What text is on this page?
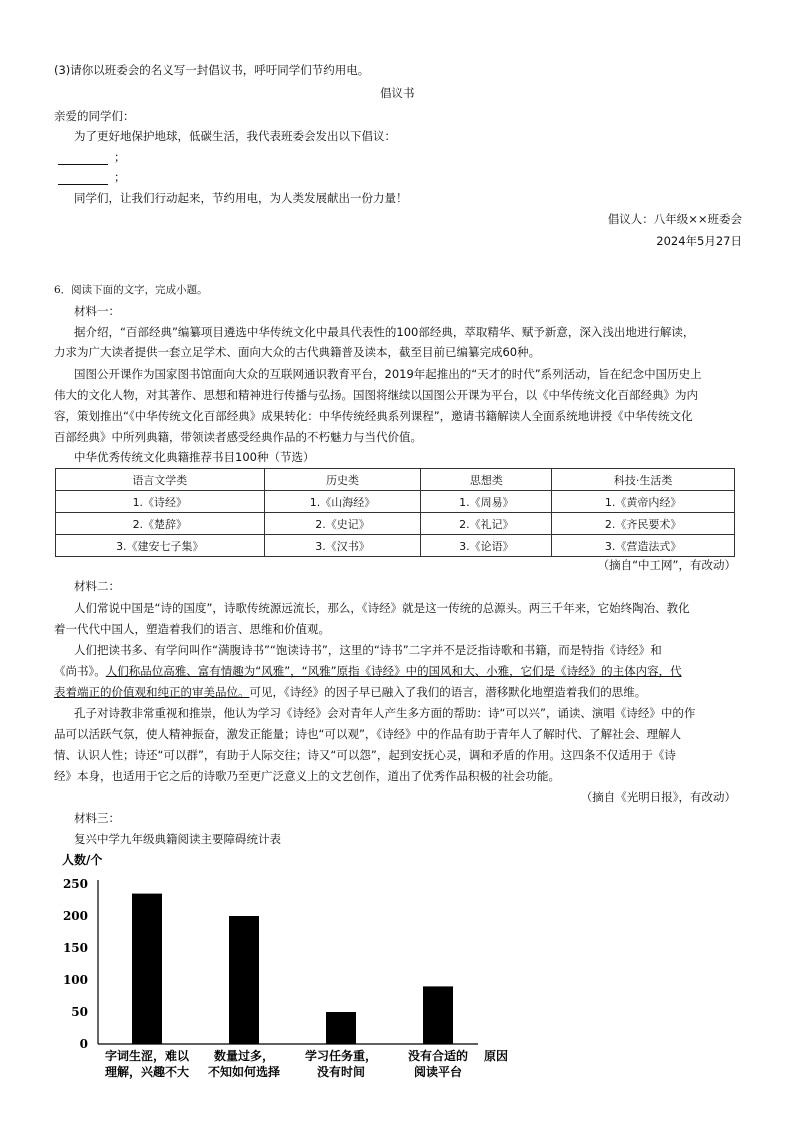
(3)请你以班委会的名义写一封倡议书，呼吁同学们节约用电。
倡议书
亲爱的同学们：
为了更好地保护地球，低碳生活，我代表班委会发出以下倡议：
；
；
同学们，让我们行动起来，节约用电，为人类发展献出一份力量！
倡议人：八年级××班委会
2024年5月27日
6．阅读下面的文字，完成小题。
材料一：
据介绍，“百部经典”编纂项目遴选中华传统文化中最具代表性的100部经典，萃取精华、赋予新意，深入浅出地进行解读，
力求为广大读者提供一套立足学术、面向大众的古代典籍普及读本，截至目前已编纂完成60种。
国图公开课作为国家图书馆面向大众的互联网通识教育平台，2019年起推出的“天才的时代”系列活动，旨在纪念中国历史上
伟大的文化人物，对其著作、思想和精神进行传播与弘扬。国图将继续以国图公开课为平台，以《中华传统文化百部经典》为内
容，策划推出“《中华传统文化百部经典》成果转化：中华传统经典系列课程”，邀请书籍解读人全面系统地讲授《中华传统文化
百部经典》中所列典籍，带领读者感受经典作品的不朽魅力与当代价值。
中华优秀传统文化典籍推荐书目100种（节选）
语言文学类	历史类	思想类	科技·生活类
1.《诗经》	1.《山海经》	1.《周易》	1.《黄帝内经》
2.《楚辞》	2.《史记》	2.《礼记》	2.《齐民要术》
3.《建安七子集》	3.《汉书》	3.《论语》	3.《营造法式》
（摘自“中工网”，有改动）
材料二：
人们常说中国是“诗的国度”，诗歌传统源远流长，那么，《诗经》就是这一传统的总源头。两三千年来，它始终陶冶、教化
着一代代中国人，塑造着我们的语言、思维和价值观。
人们把读书多、有学问叫作“满腹诗书”“饱读诗书”，这里的“诗书”二字并不是泛指诗歌和书籍，而是特指《诗经》和
《尚书》。人们称品位高雅、富有情趣为“风雅”，“风雅”原指《诗经》中的国风和大、小雅，它们是《诗经》的主体内容，代
表着端正的价值观和纯正的审美品位。可见，《诗经》的因子早已融入了我们的语言，潜移默化地塑造着我们的思维。
孔子对诗教非常重视和推崇，他认为学习《诗经》会对青年人产生多方面的帮助：诗“可以兴”，诵读、演唱《诗经》中的作
品可以活跃气氛，使人精神振奋，激发正能量；诗也“可以观”，《诗经》中的作品有助于青年人了解时代、了解社会、理解人
情、认识人性；诗还“可以群”，有助于人际交往；诗又“可以怨”，起到安抚心灵，调和矛盾的作用。这四条不仅适用于《诗
经》本身，也适用于它之后的诗歌乃至更广泛意义上的文艺创作，道出了优秀作品积极的社会功能。
（摘自《光明日报》，有改动）
材料三：
复兴中学九年级典籍阅读主要障碍统计表
人数/个
0
50
100
150
200
250
字词生涩，难以
理解，兴趣不大
数量过多，
不知如何选择
学习任务重，
没有时间
没有合适的
阅读平台
原因
